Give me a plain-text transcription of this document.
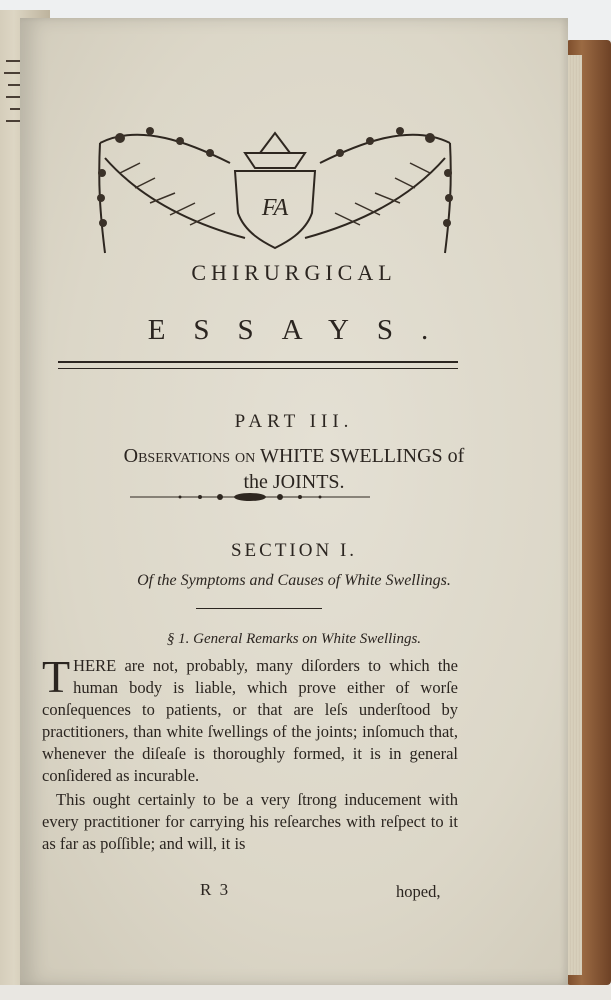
FA
CHIRURGICAL
ESSAYS.
PART III.
Observations on WHITE SWELLINGS of
the JOINTS.
SECTION I.
Of the Symptoms and Causes of White Swellings.
§ 1. General Remarks on White Swellings.

THERE are not, probably, many diſorders to which the human body is liable, which prove either of worſe conſequences to patients, or that are leſs underſtood by practitioners, than white ſwellings of the joints; inſomuch that, whenever the diſeaſe is thoroughly formed, it is in general conſidered as incurable.

This ought certainly to be a very ſtrong inducement with every practitioner for carrying his reſearches with reſpect to it as far as poſſible; and will, it is

R 3	hoped,
